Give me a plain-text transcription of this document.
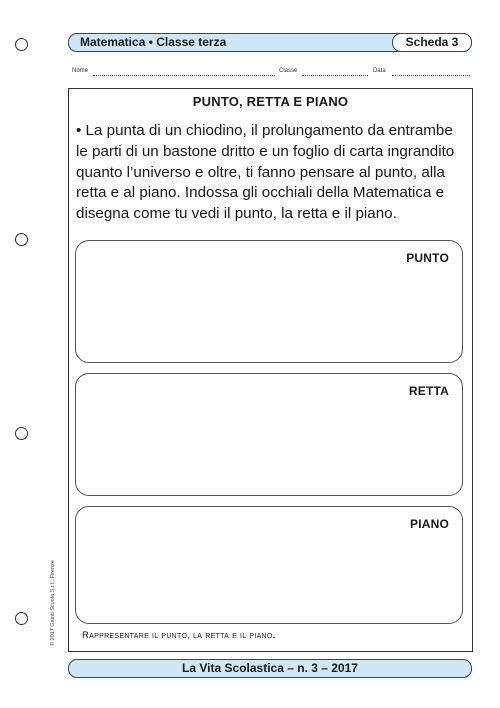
Matematica • Classe terza	Scheda 3
Nome	Classe	Data
PUNTO, RETTA E PIANO
• La punta di un chiodino, il prolungamento da entrambe le parti di un bastone dritto e un foglio di carta ingrandito quanto l’universo e oltre, ti fanno pensare al punto, alla retta e al piano. Indossa gli occhiali della Matematica e disegna come tu vedi il punto, la retta e il piano.
PUNTO
RETTA
PIANO
Rappresentare il punto, la retta e il piano.
© 2017 Giunti Scuola S.r.l., Firenze
La Vita Scolastica – n. 3 – 2017
